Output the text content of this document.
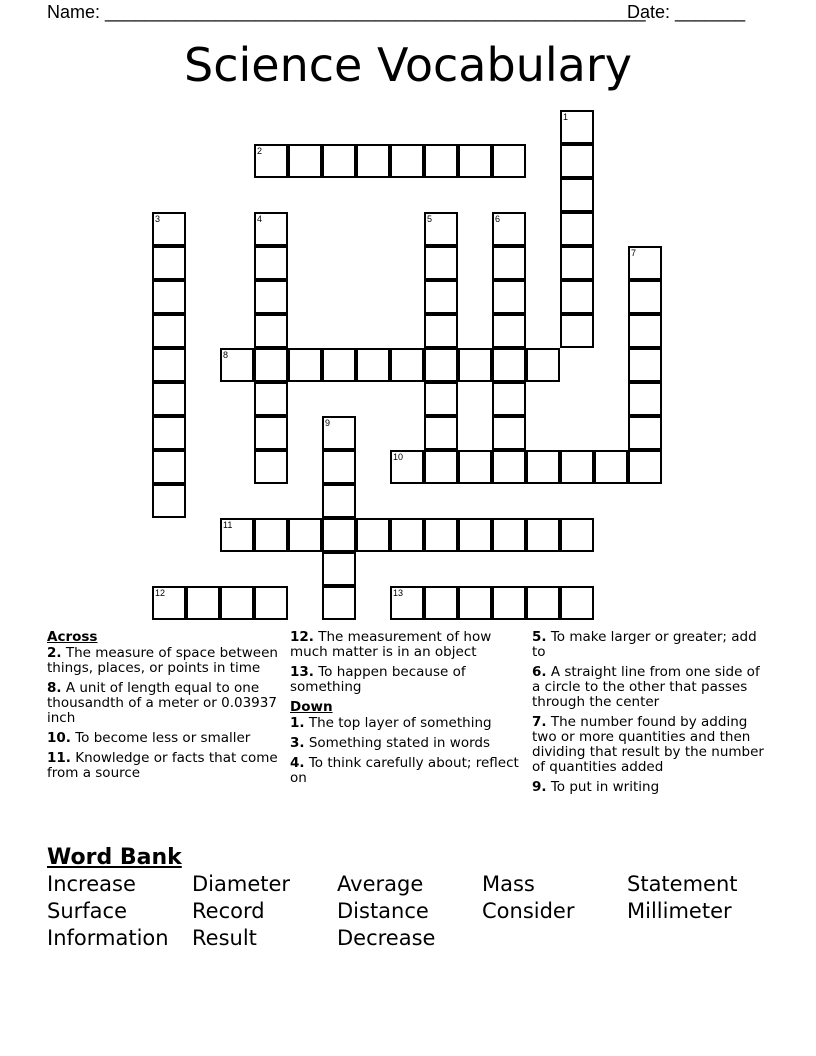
Name: ______________________________________________________
Date: _______
Science Vocabulary
1
2
3	4	5	6
7
8
9
10
11
12	13
Across
2. The measure of space between things, places, or points in time
8. A unit of length equal to one thousandth of a meter or 0.03937 inch
10. To become less or smaller
11. Knowledge or facts that come from a source
12. The measurement of how much matter is in an object
13. To happen because of something
Down
1. The top layer of something
3. Something stated in words
4. To think carefully about; reflect on
5. To make larger or greater; add to
6. A straight line from one side of a circle to the other that passes through the center
7. The number found by adding two or more quantities and then dividing that result by the number of quantities added
9. To put in writing
Word Bank
Increase	Diameter	Average	Mass	Statement
Surface	Record	Distance	Consider	Millimeter
Information	Result	Decrease
